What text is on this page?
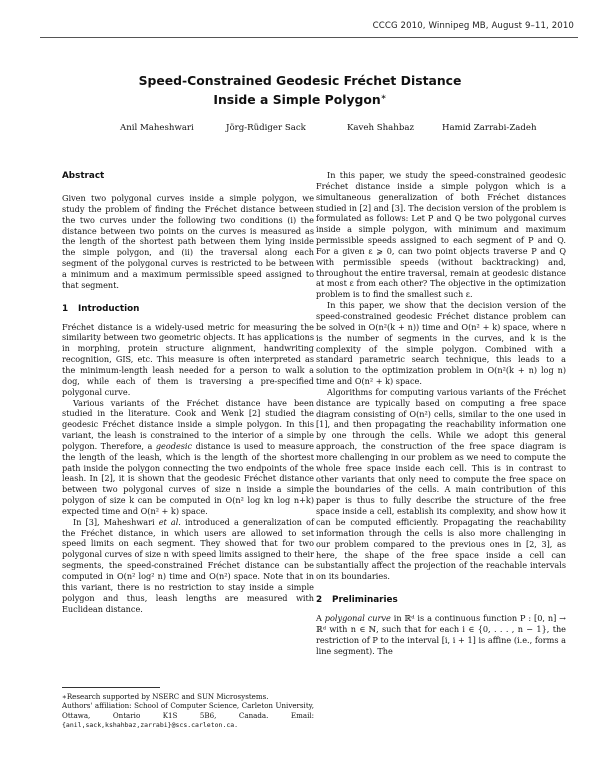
CCCG 2010, Winnipeg MB, August 9–11, 2010
Speed-Constrained Geodesic Fréchet Distance
Inside a Simple Polygon∗
Anil Maheshwari	Jörg-Rüdiger Sack	Kaveh Shahbaz	Hamid Zarrabi-Zadeh
Abstract

Given two polygonal curves inside a simple polygon, we study the problem of finding the Fréchet distance between the two curves under the following two conditions (i) the distance between two points on the curves is measured as the length of the shortest path between them lying inside the simple polygon, and (ii) the traversal along each segment of the polygonal curves is restricted to be between a minimum and a maximum permissible speed assigned to that segment.

1 Introduction

Fréchet distance is a widely-used metric for measuring the similarity between two geometric objects. It has applications in morphing, protein structure alignment, handwriting recognition, GIS, etc. This measure is often interpreted as the minimum-length leash needed for a person to walk a dog, while each of them is traversing a pre-specified polygonal curve.

Various variants of the Fréchet distance have been studied in the literature. Cook and Wenk [2] studied the geodesic Fréchet distance inside a simple polygon. In this variant, the leash is constrained to the interior of a simple polygon. Therefore, a geodesic distance is used to measure the length of the leash, which is the length of the shortest path inside the polygon connecting the two endpoints of the leash. In [2], it is shown that the geodesic Fréchet distance between two polygonal curves of size n inside a simple polygon of size k can be computed in O(n² log kn log n+k) expected time and O(n² + k) space.

In [3], Maheshwari et al. introduced a generalization of the Fréchet distance, in which users are allowed to set speed limits on each segment. They showed that for two polygonal curves of size n with speed limits assigned to their segments, the speed-constrained Fréchet distance can be computed in O(n² log² n) time and O(n²) space. Note that in this variant, there is no restriction to stay inside a simple polygon and thus, leash lengths are measured with Euclidean distance.

In this paper, we study the speed-constrained geodesic Fréchet distance inside a simple polygon which is a simultaneous generalization of both Fréchet distances studied in [2] and [3]. The decision version of the problem is formulated as follows: Let P and Q be two polygonal curves inside a simple polygon, with minimum and maximum permissible speeds assigned to each segment of P and Q. For a given ε ⩾ 0, can two point objects traverse P and Q with permissible speeds (without backtracking) and, throughout the entire traversal, remain at geodesic distance at most ε from each other? The objective in the optimization problem is to find the smallest such ε.

In this paper, we show that the decision version of the speed-constrained geodesic Fréchet distance problem can be solved in O(n²(k + n)) time and O(n² + k) space, where n is the number of segments in the curves, and k is the complexity of the simple polygon. Combined with a standard parametric search technique, this leads to a solution to the optimization problem in O(n²(k + n) log n) time and O(n² + k) space.

Algorithms for computing various variants of the Fréchet distance are typically based on computing a free space diagram consisting of O(n²) cells, similar to the one used in [1], and then propagating the reachability information one by one through the cells. While we adopt this general approach, the construction of the free space diagram is more challenging in our problem as we need to compute the whole free space inside each cell. This is in contrast to other variants that only need to compute the free space on the boundaries of the cells. A main contribution of this paper is thus to fully describe the structure of the free space inside a cell, establish its complexity, and show how it can be computed efficiently. Propagating the reachability information through the cells is also more challenging in our problem compared to the previous ones in [2, 3], as here, the shape of the free space inside a cell can substantially affect the projection of the reachable intervals on its boundaries.

2 Preliminaries

A polygonal curve in ℝᵈ is a continuous function P : [0, n] → ℝᵈ with n ∈ ℕ, such that for each i ∈ {0, . . . , n − 1}, the restriction of P to the interval [i, i + 1] is affine (i.e., forms a line segment). The

∗Research supported by NSERC and SUN Microsystems.

Authors' affiliation: School of Computer Science, Carleton University, Ottawa, Ontario K1S 5B6, Canada. Email: {anil,sack,kshahbaz,zarrabi}@scs.carleton.ca.
